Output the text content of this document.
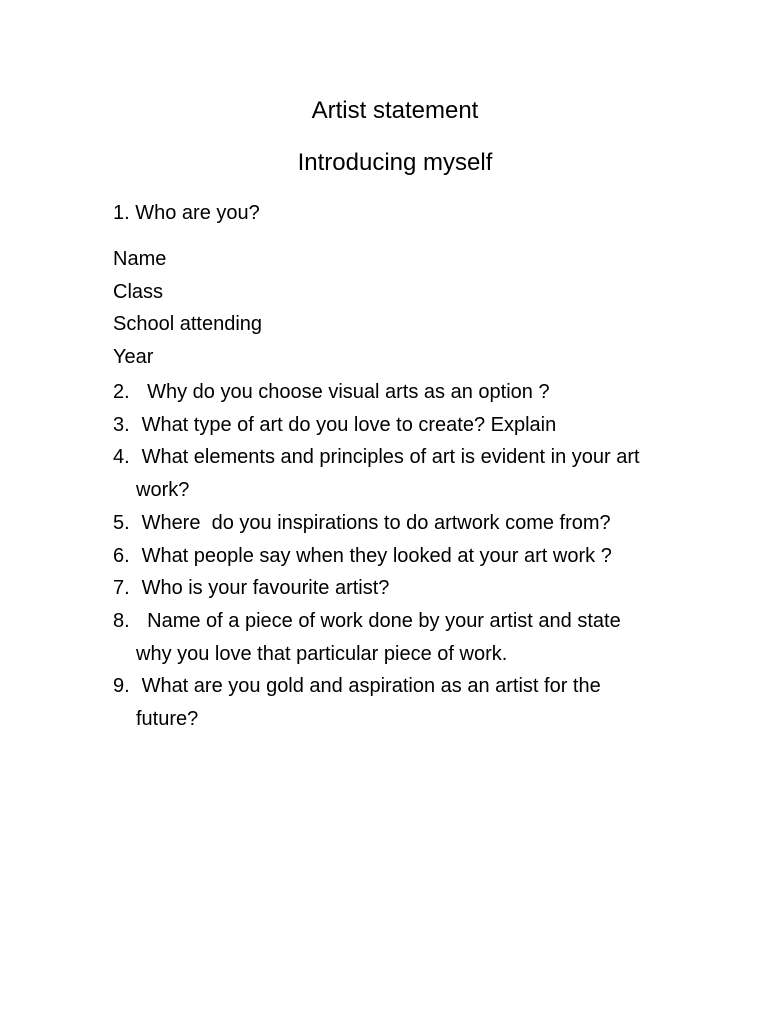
Artist statement
Introducing myself
1. Who are you?
Name
Class
School attending
Year
2. Why do you choose visual arts as an option ?
3. What type of art do you love to create? Explain
4. What elements and principles of art is evident in your art
work?
5. Where  do you inspirations to do artwork come from?
6. What people say when they looked at your art work ?
7. Who is your favourite artist?
8. Name of a piece of work done by your artist and state
why you love that particular piece of work.
9. What are you gold and aspiration as an artist for the
future?
